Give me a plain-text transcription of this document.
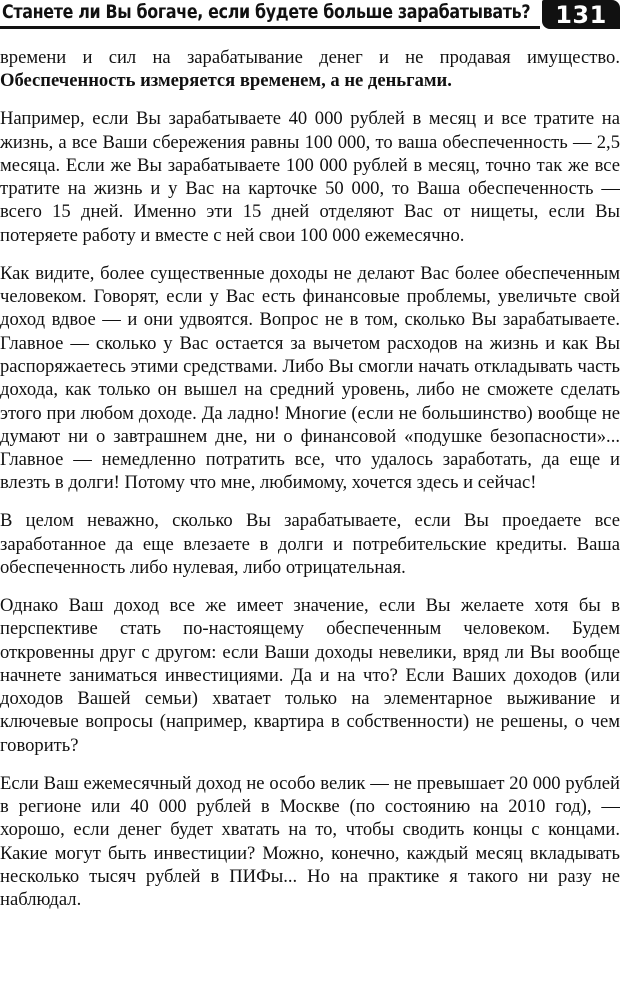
Станете ли Вы богаче, если будете больше зарабатывать?	131

времени и сил на зарабатывание денег и не продавая имущество. Обеспеченность измеряется временем, а не деньгами.

Например, если Вы зарабатываете 40 000 рублей в месяц и все тратите на жизнь, а все Ваши сбережения равны 100 000, то ваша обеспеченность — 2,5 месяца. Если же Вы зарабатываете 100 000 рублей в месяц, точно так же все тратите на жизнь и у Вас на карточке 50 000, то Ваша обеспеченность — всего 15 дней. Именно эти 15 дней отделяют Вас от нищеты, если Вы потеряете работу и вместе с ней свои 100 000 ежемесячно.

Как видите, более существенные доходы не делают Вас более обеспеченным человеком. Говорят, если у Вас есть финансовые проблемы, увеличьте свой доход вдвое — и они удвоятся. Вопрос не в том, сколько Вы зарабатываете. Главное — сколько у Вас остается за вычетом расходов на жизнь и как Вы распоряжаетесь этими средствами. Либо Вы смогли начать откладывать часть дохода, как только он вышел на средний уровень, либо не сможете сделать этого при любом доходе. Да ладно! Многие (если не большинство) вообще не думают ни о завтрашнем дне, ни о финансовой «подушке безопасности»... Главное — немедленно потратить все, что удалось заработать, да еще и влезть в долги! Потому что мне, любимому, хочется здесь и сейчас!

В целом неважно, сколько Вы зарабатываете, если Вы проедаете все заработанное да еще влезаете в долги и потребительские кредиты. Ваша обеспеченность либо нулевая, либо отрицательная.

Однако Ваш доход все же имеет значение, если Вы желаете хотя бы в перспективе стать по-настоящему обеспеченным человеком. Будем откровенны друг с другом: если Ваши доходы невелики, вряд ли Вы вообще начнете заниматься инвестициями. Да и на что? Если Ваших доходов (или доходов Вашей семьи) хватает только на элементарное выживание и ключевые вопросы (например, квартира в собственности) не решены, о чем говорить?

Если Ваш ежемесячный доход не особо велик — не превышает 20 000 рублей в регионе или 40 000 рублей в Москве (по состоянию на 2010 год), — хорошо, если денег будет хватать на то, чтобы сводить концы с концами. Какие могут быть инвестиции? Можно, конечно, каждый месяц вкладывать несколько тысяч рублей в ПИФы... Но на практике я такого ни разу не наблюдал.
